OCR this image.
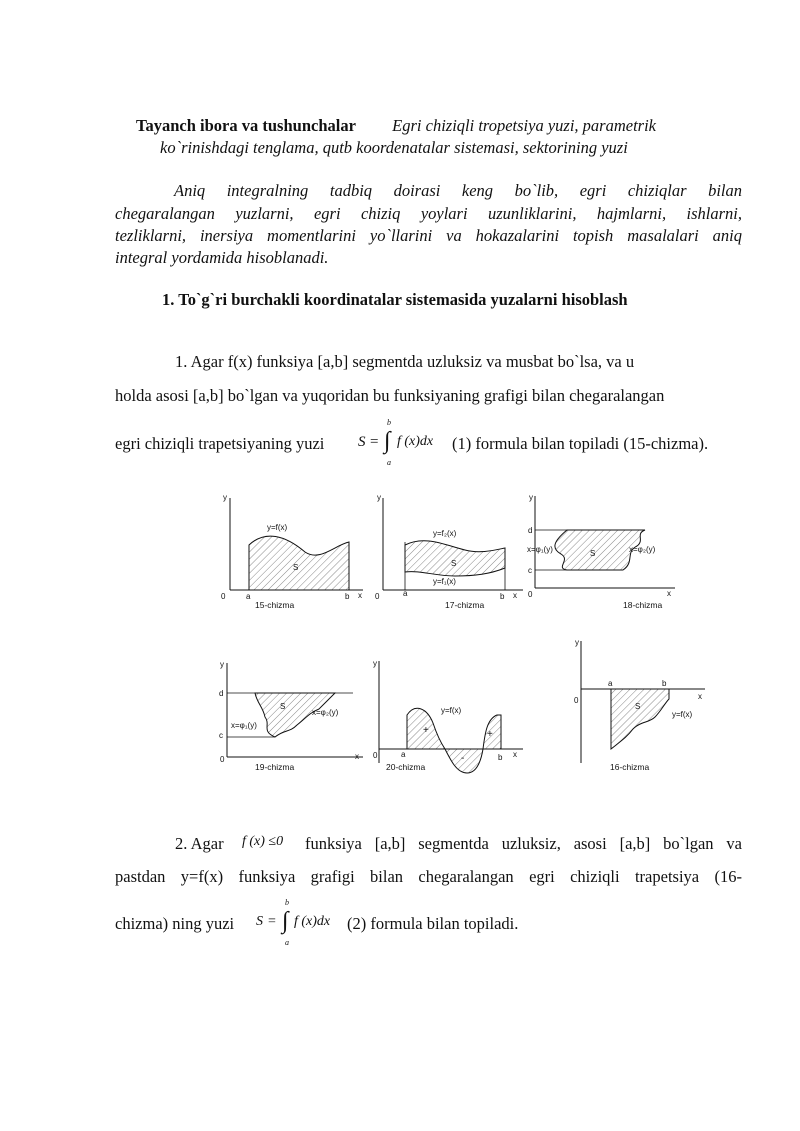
Tayanch ibora va tushunchalar Egri chiziqli tropetsiya yuzi, parametrik
ko`rinishdagi tenglama, qutb koordenatalar sistemasi, sektorining yuzi
Aniq integralning tadbiq doirasi keng bo`lib, egri chiziqlar bilan
chegaralangan yuzlarni, egri chiziq yoylari uzunliklarini, hajmlarni, ishlarni,
tezliklarni, inersiya momentlarini yo`llarini va hokazalarini topish masalalari aniq
integral yordamida hisoblanadi.
1. To`g`ri burchakli koordinatalar sistemasida yuzalarni hisoblash
1. Agar f(x) funksiya [a,b] segmentda uzluksiz va musbat bo`lsa, va u
holda asosi [a,b] bo`lgan va yuqoridan bu funksiyaning grafigi bilan chegaralangan
egri chiziqli trapetsiyaning yuzi S = ∫
b
a
f (x)dx (1) formula bilan topiladi (15-chizma).
y
x
0	a	b
y=f(x)
S
15-chizma
y
x
0	a	b
y=f₂(x)
y=f₁(x)
S
17-chizma
y
x
0
d
c
x=φ₁(y)	x=φ₂(y)
S
18-chizma
y
x
0
d
c
x=φ₁(y)
x=φ₂(y)
S
19-chizma
y
x
0	a	b
y=f(x)
+	+
-
20-chizma
y
x
0
a	b
y=f(x)
S
16-chizma
2. Agar f (x) ≤0 funksiya [a,b] segmentda uzluksiz, asosi [a,b] bo`lgan va
pastdan y=f(x) funksiya grafigi bilan chegaralangan egri chiziqli trapetsiya (16-
chizma) ning yuzi S = ∫
b
a
f (x)dx (2) formula bilan topiladi.
